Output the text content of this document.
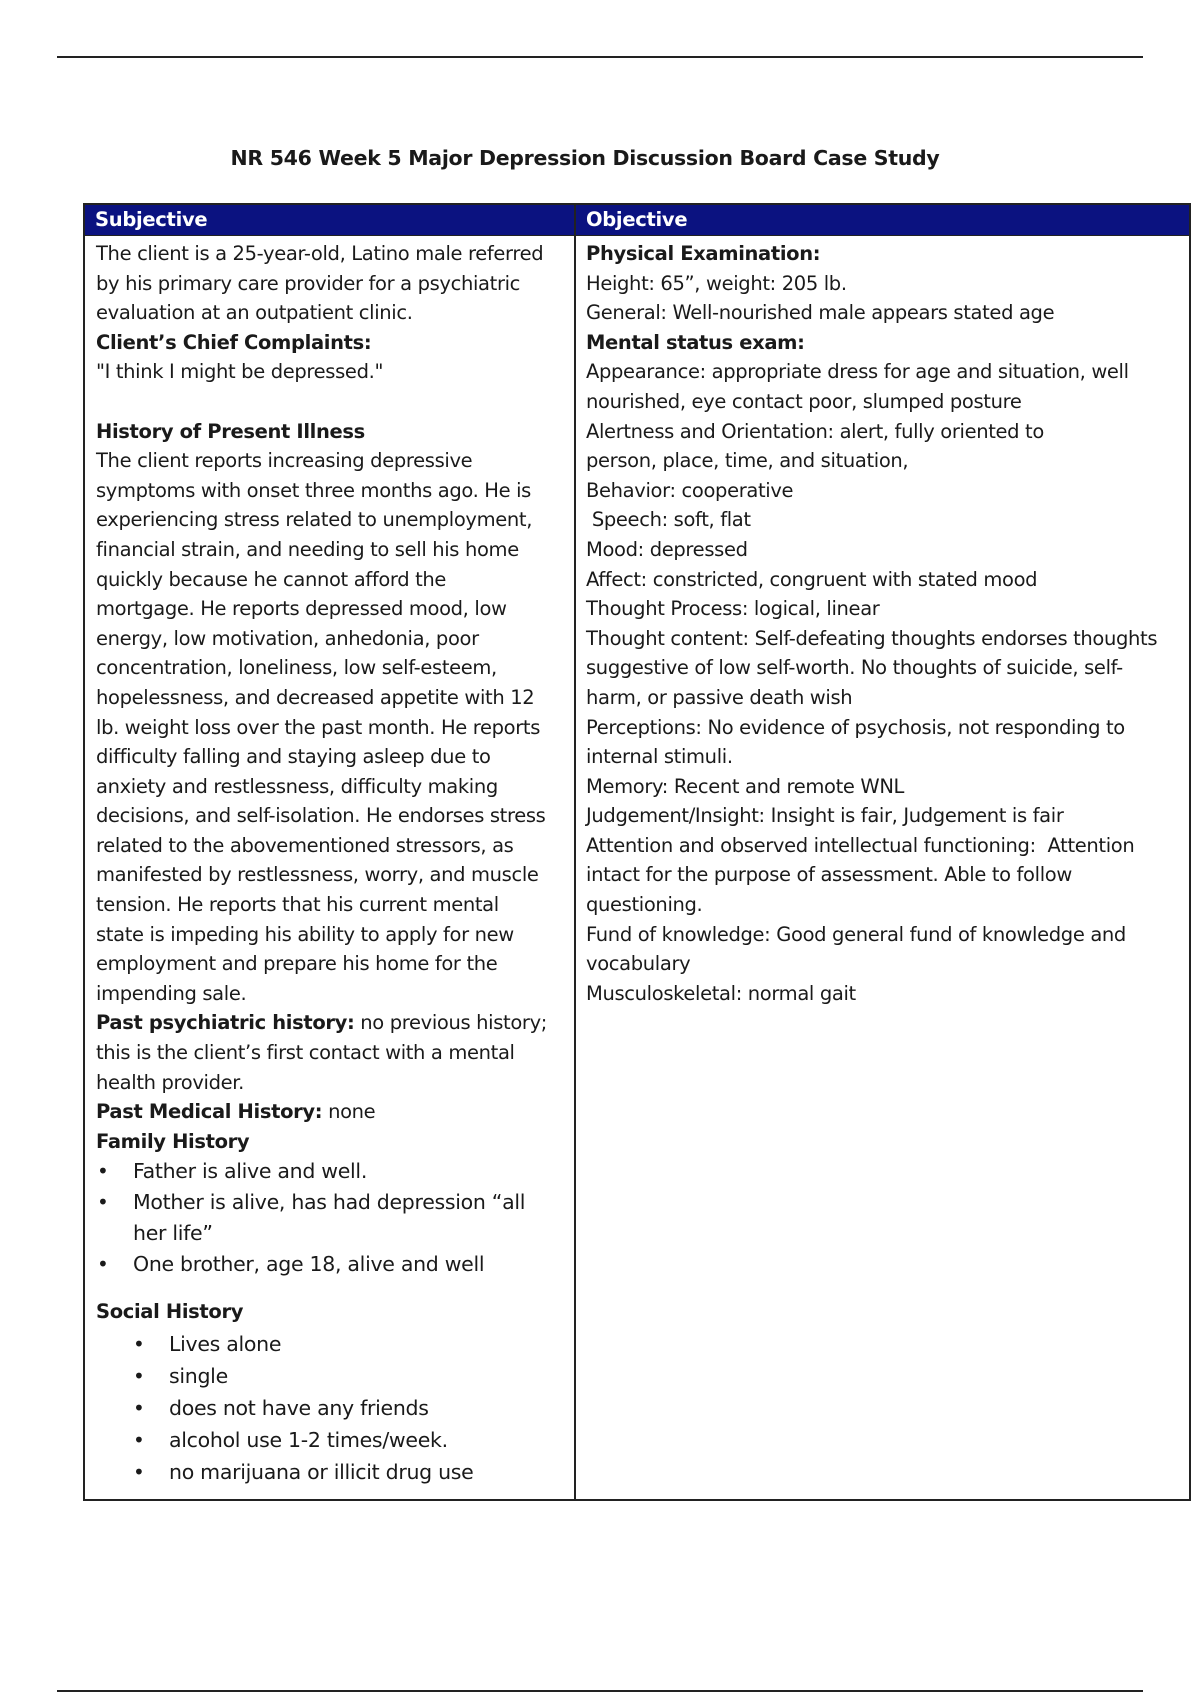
NR 546 Week 5 Major Depression Discussion Board Case Study
Subjective
The client is a 25-year-old, Latino male referred
by his primary care provider for a psychiatric
evaluation at an outpatient clinic.
Client’s Chief Complaints:
"I think I might be depressed."
History of Present Illness
The client reports increasing depressive
symptoms with onset three months ago. He is
experiencing stress related to unemployment,
financial strain, and needing to sell his home
quickly because he cannot afford the
mortgage. He reports depressed mood, low
energy, low motivation, anhedonia, poor
concentration, loneliness, low self-esteem,
hopelessness, and decreased appetite with 12
lb. weight loss over the past month. He reports
difficulty falling and staying asleep due to
anxiety and restlessness, difficulty making
decisions, and self-isolation. He endorses stress
related to the abovementioned stressors, as
manifested by restlessness, worry, and muscle
tension. He reports that his current mental
state is impeding his ability to apply for new
employment and prepare his home for the
impending sale.
Past psychiatric history: no previous history;
this is the client’s first contact with a mental
health provider.
Past Medical History: none
Family History
• Father is alive and well.
• Mother is alive, has had depression “all
her life”
• One brother, age 18, alive and well
Social History
• Lives alone
• single
• does not have any friends
• alcohol use 1-2 times/week.
• no marijuana or illicit drug use
Objective
Physical Examination:
Height: 65”, weight: 205 lb.
General: Well-nourished male appears stated age
Mental status exam:
Appearance: appropriate dress for age and situation, well
nourished, eye contact poor, slumped posture
Alertness and Orientation: alert, fully oriented to
person, place, time, and situation,
Behavior: cooperative
Speech: soft, flat
Mood: depressed
Affect: constricted, congruent with stated mood
Thought Process: logical, linear
Thought content: Self-defeating thoughts endorses thoughts
suggestive of low self-worth. No thoughts of suicide, self-
harm, or passive death wish
Perceptions: No evidence of psychosis, not responding to
internal stimuli.
Memory: Recent and remote WNL
Judgement/Insight: Insight is fair, Judgement is fair
Attention and observed intellectual functioning:  Attention
intact for the purpose of assessment. Able to follow
questioning.
Fund of knowledge: Good general fund of knowledge and
vocabulary
Musculoskeletal: normal gait
